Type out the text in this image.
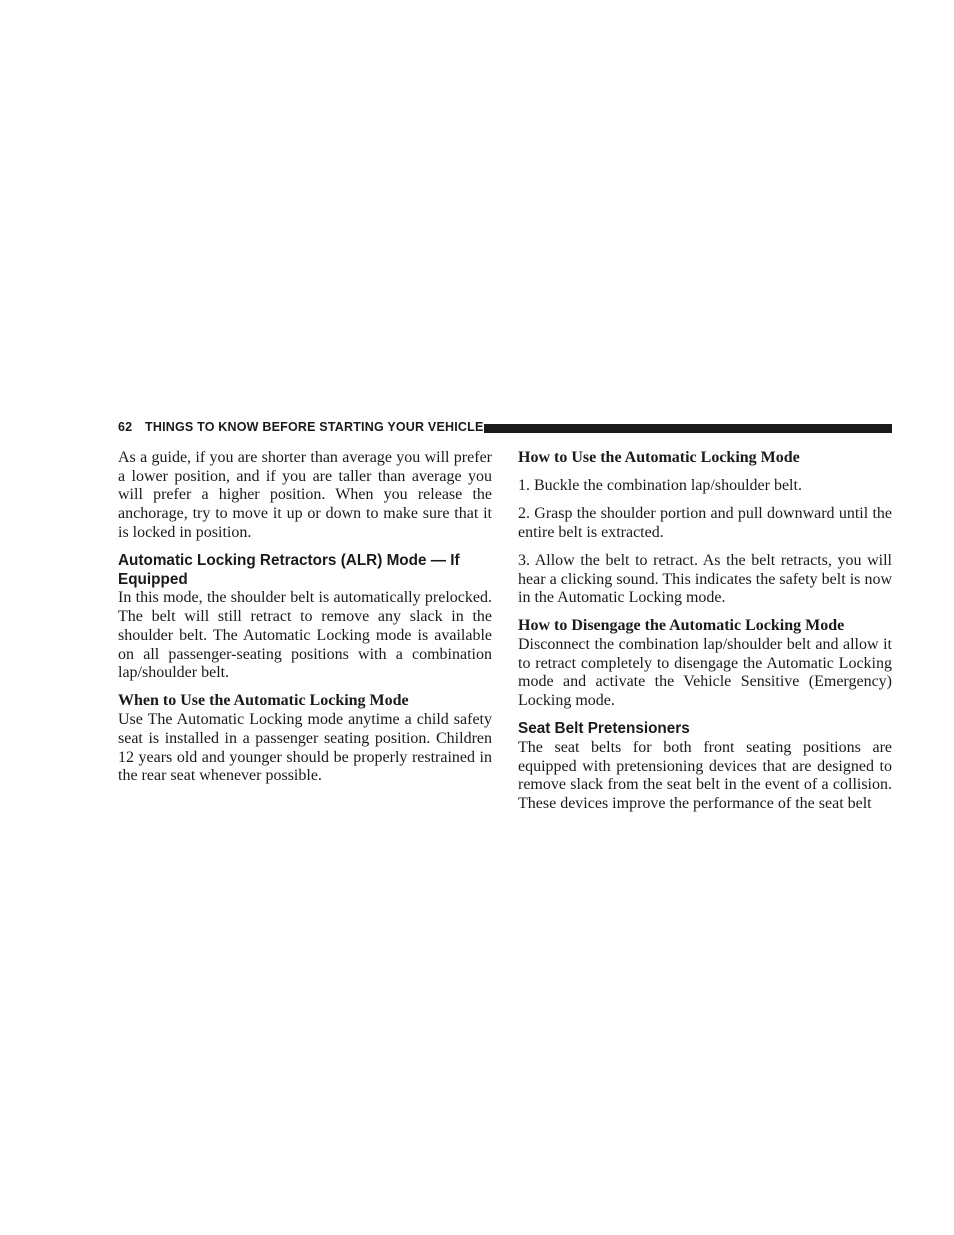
62 THINGS TO KNOW BEFORE STARTING YOUR VEHICLE

As a guide, if you are shorter than average you will prefer a lower position, and if you are taller than average you will prefer a higher position. When you release the anchorage, try to move it up or down to make sure that it is locked in position.

Automatic Locking Retractors (ALR) Mode — If Equipped

In this mode, the shoulder belt is automatically prelocked. The belt will still retract to remove any slack in the shoulder belt. The Automatic Locking mode is available on all passenger-seating positions with a combination lap/shoulder belt.

When to Use the Automatic Locking Mode

Use The Automatic Locking mode anytime a child safety seat is installed in a passenger seating position. Children 12 years old and younger should be properly restrained in the rear seat whenever possible.

How to Use the Automatic Locking Mode

1. Buckle the combination lap/shoulder belt.

2. Grasp the shoulder portion and pull downward until the entire belt is extracted.

3. Allow the belt to retract. As the belt retracts, you will hear a clicking sound. This indicates the safety belt is now in the Automatic Locking mode.

How to Disengage the Automatic Locking Mode

Disconnect the combination lap/shoulder belt and allow it to retract completely to disengage the Automatic Locking mode and activate the Vehicle Sensitive (Emergency) Locking mode.

Seat Belt Pretensioners

The seat belts for both front seating positions are equipped with pretensioning devices that are designed to remove slack from the seat belt in the event of a collision. These devices improve the performance of the seat belt
